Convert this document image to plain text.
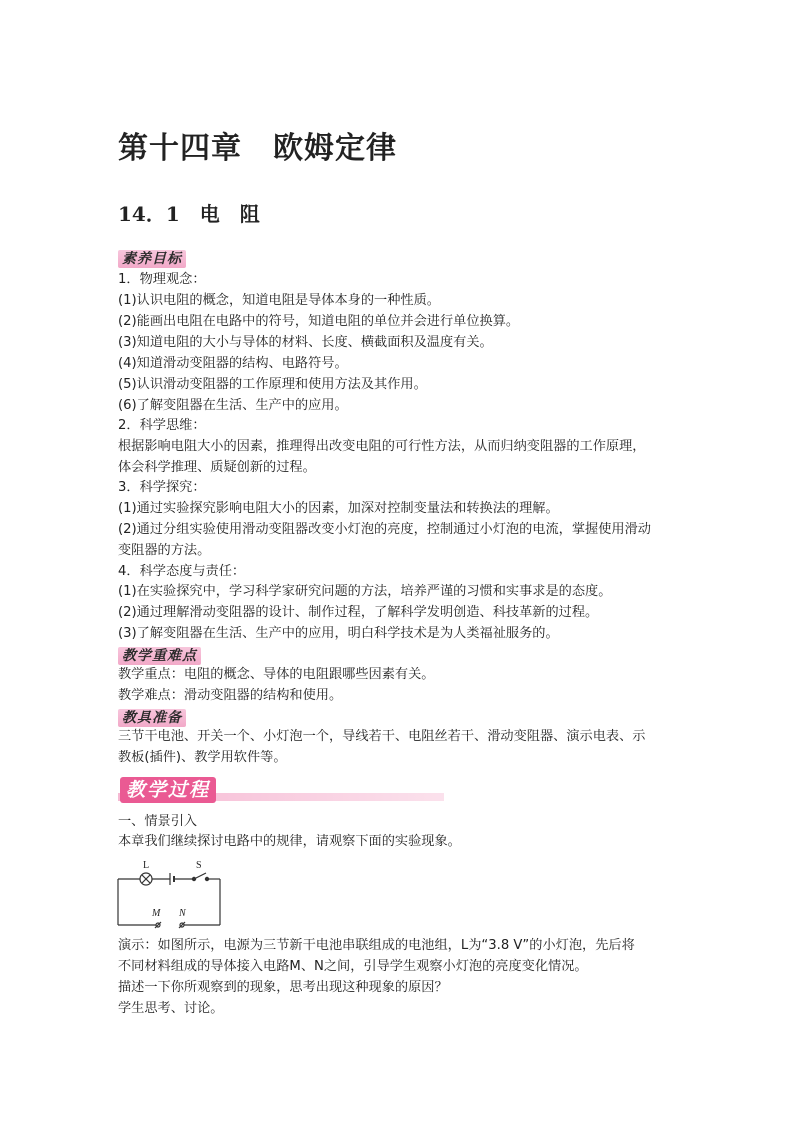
第十四章　欧姆定律
14．1　电　阻
素养目标
1．物理观念：
(1)认识电阻的概念，知道电阻是导体本身的一种性质。
(2)能画出电阻在电路中的符号，知道电阻的单位并会进行单位换算。
(3)知道电阻的大小与导体的材料、长度、横截面积及温度有关。
(4)知道滑动变阻器的结构、电路符号。
(5)认识滑动变阻器的工作原理和使用方法及其作用。
(6)了解变阻器在生活、生产中的应用。
2．科学思维：
根据影响电阻大小的因素，推理得出改变电阻的可行性方法，从而归纳变阻器的工作原理，
体会科学推理、质疑创新的过程。
3．科学探究：
(1)通过实验探究影响电阻大小的因素，加深对控制变量法和转换法的理解。
(2)通过分组实验使用滑动变阻器改变小灯泡的亮度，控制通过小灯泡的电流，掌握使用滑动
变阻器的方法。
4．科学态度与责任：
(1)在实验探究中，学习科学家研究问题的方法，培养严谨的习惯和实事求是的态度。
(2)通过理解滑动变阻器的设计、制作过程，了解科学发明创造、科技革新的过程。
(3)了解变阻器在生活、生产中的应用，明白科学技术是为人类福祉服务的。
教学重难点
教学重点：电阻的概念、导体的电阻跟哪些因素有关。
教学难点：滑动变阻器的结构和使用。
教具准备
三节干电池、开关一个、小灯泡一个，导线若干、电阻丝若干、滑动变阻器、演示电表、示
教板(插件)、教学用软件等。
教学过程
一、情景引入
本章我们继续探讨电路中的规律，请观察下面的实验现象。
L	S
M N
演示：如图所示，电源为三节新干电池串联组成的电池组，L为“3.8 V”的小灯泡，先后将
不同材料组成的导体接入电路M、N之间，引导学生观察小灯泡的亮度变化情况。
描述一下你所观察到的现象，思考出现这种现象的原因？
学生思考、讨论。
